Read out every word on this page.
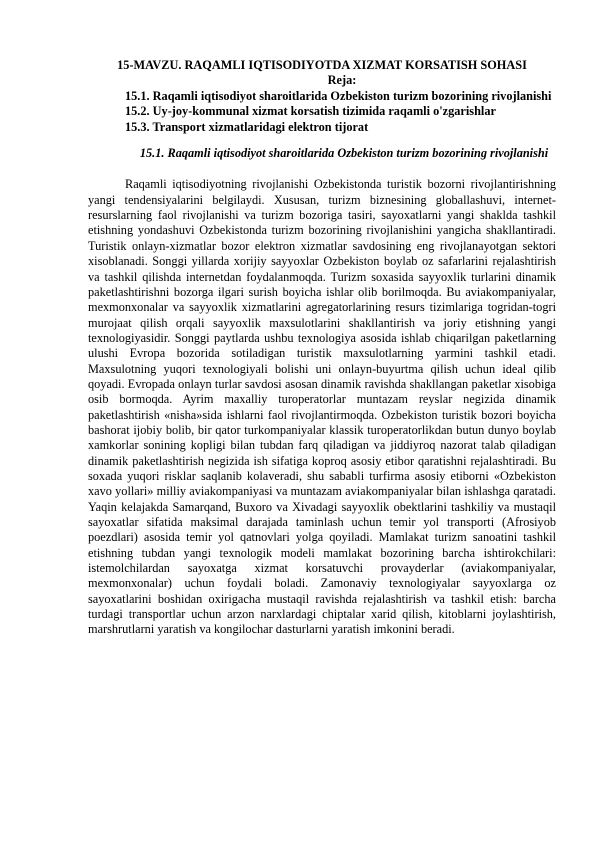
15-MAVZU. RAQAMLI IQTISODIYOTDA XIZMAT KORSATISH SOHASI

Reja:

15.1. Raqamli iqtisodiyot sharoitlarida Ozbekiston turizm bozorining rivojlanishi

15.2. Uy-joy-kommunal xizmat korsatish tizimida raqamli o'zgarishlar

15.3. Transport xizmatlaridagi elektron tijorat

15.1. Raqamli iqtisodiyot sharoitlarida Ozbekiston turizm bozorining rivojlanishi

Raqamli iqtisodiyotning rivojlanishi Ozbekistonda turistik bozorni rivojlantirishning yangi tendensiyalarini belgilaydi. Xususan, turizm biznesining globallashuvi, internet-resurslarning faol rivojlanishi va turizm bozoriga tasiri, sayoxatlarni yangi shaklda tashkil etishning yondashuvi Ozbekistonda turizm bozorining rivojlanishini yangicha shakllantiradi. Turistik onlayn-xizmatlar bozor elektron xizmatlar savdosining eng rivojlanayotgan sektori xisoblanadi. Songgi yillarda xorijiy sayyoxlar Ozbekiston boylab oz safarlarini rejalashtirish va tashkil qilishda internetdan foydalanmoqda. Turizm soxasida sayyoxlik turlarini dinamik paketlashtirishni bozorga ilgari surish boyicha ishlar olib borilmoqda. Bu aviakompaniyalar, mexmonxonalar va sayyoxlik xizmatlarini agregatorlarining resurs tizimlariga togridan-togri murojaat qilish orqali sayyoxlik maxsulotlarini shakllantirish va joriy etishning yangi texnologiyasidir. Songgi paytlarda ushbu texnologiya asosida ishlab chiqarilgan paketlarning ulushi Evropa bozorida sotiladigan turistik maxsulotlarning yarmini tashkil etadi. Maxsulotning yuqori texnologiyali bolishi uni onlayn-buyurtma qilish uchun ideal qilib qoyadi. Evropada onlayn turlar savdosi asosan dinamik ravishda shakllangan paketlar xisobiga osib bormoqda. Ayrim maxalliy turoperatorlar muntazam reyslar negizida dinamik paketlashtirish «nisha»sida ishlarni faol rivojlantirmoqda. Ozbekiston turistik bozori boyicha bashorat ijobiy bolib, bir qator turkompaniyalar klassik turoperatorlikdan butun dunyo boylab xamkorlar sonining kopligi bilan tubdan farq qiladigan va jiddiyroq nazorat talab qiladigan dinamik paketlashtirish negizida ish sifatiga koproq asosiy etibor qaratishni rejalashtiradi. Bu soxada yuqori risklar saqlanib kolaveradi, shu sababli turfirma asosiy etiborni «Ozbekiston xavo yollari» milliy aviakompaniyasi va muntazam aviakompaniyalar bilan ishlashga qaratadi. Yaqin kelajakda Samarqand, Buxoro va Xivadagi sayyoxlik obektlarini tashkiliy va mustaqil sayoxatlar sifatida maksimal darajada taminlash uchun temir yol transporti (Afrosiyob poezdlari) asosida temir yol qatnovlari yolga qoyiladi. Mamlakat turizm sanoatini tashkil etishning tubdan yangi texnologik modeli mamlakat bozorining barcha ishtirokchilari: istemolchilardan sayoxatga xizmat korsatuvchi provayderlar (aviakompaniyalar, mexmonxonalar) uchun foydali boladi. Zamonaviy texnologiyalar sayyoxlarga oz sayoxatlarini boshidan oxirigacha mustaqil ravishda rejalashtirish va tashkil etish: barcha turdagi transportlar uchun arzon narxlardagi chiptalar xarid qilish, kitoblarni joylashtirish, marshrutlarni yaratish va kongilochar dasturlarni yaratish imkonini beradi.
